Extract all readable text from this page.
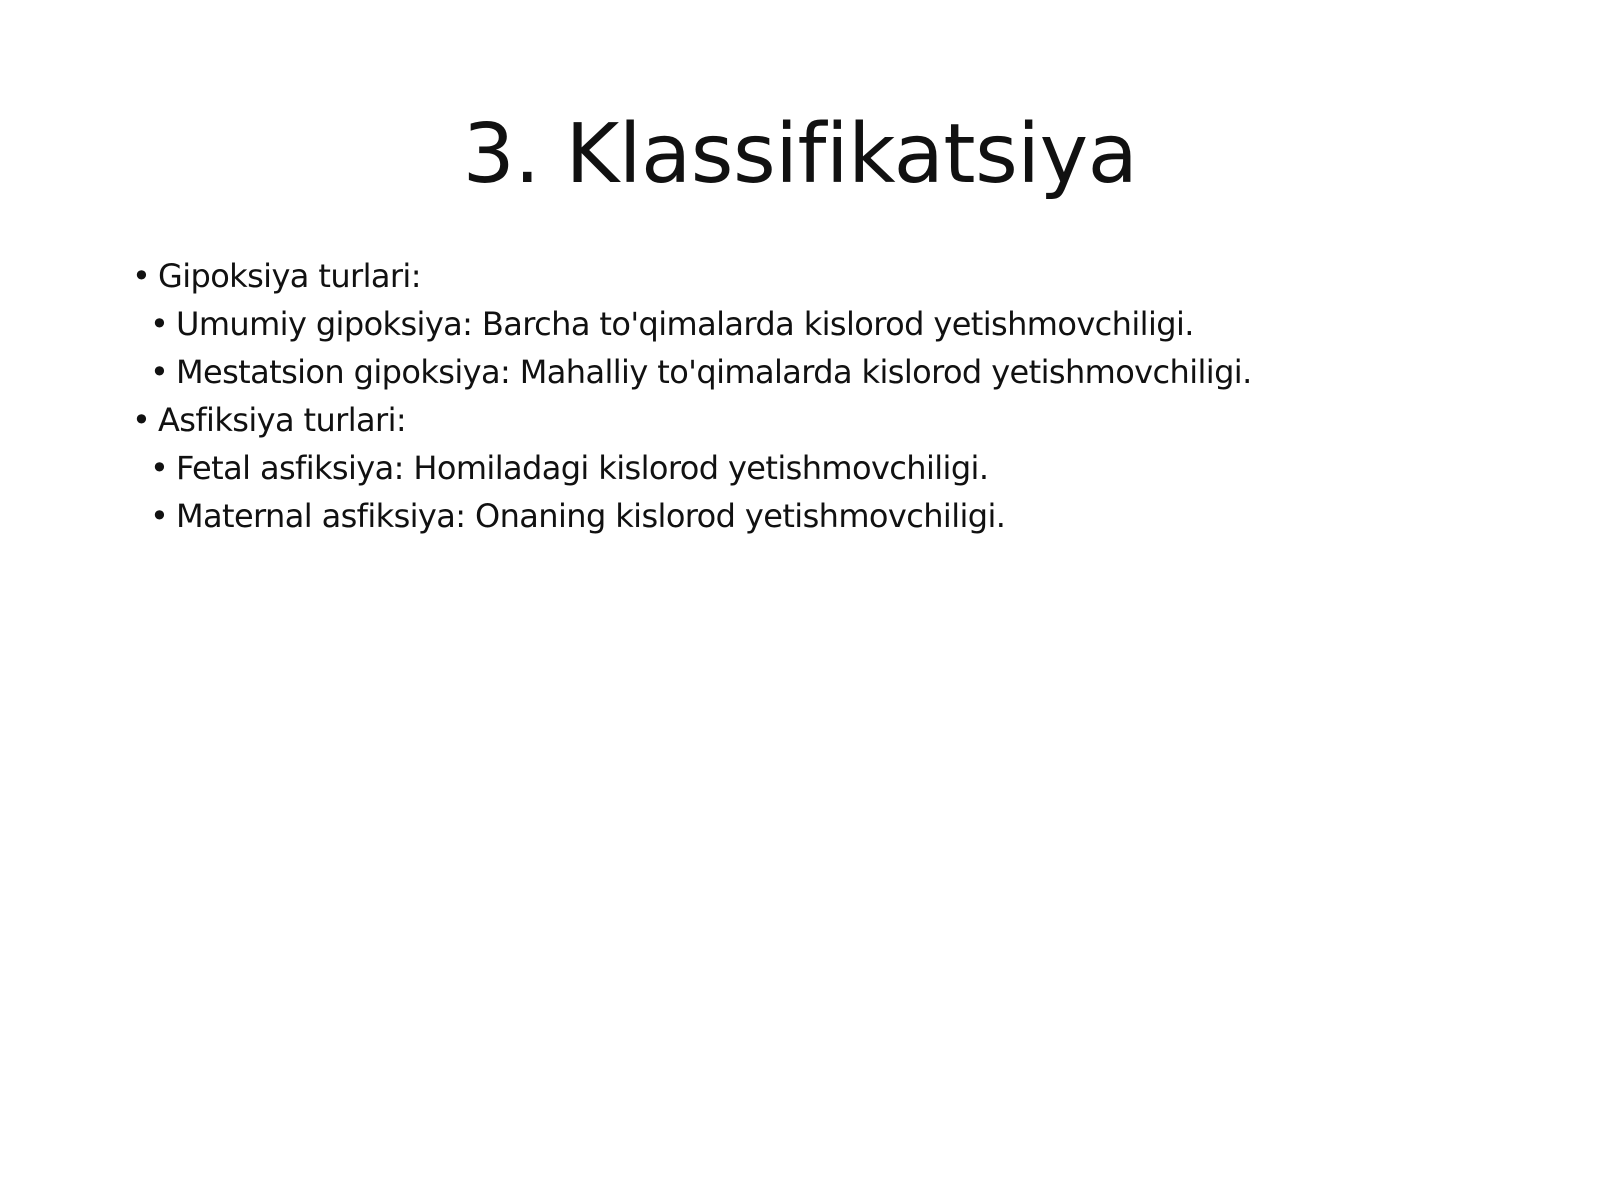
3. Klassifikatsiya
• Gipoksiya turlari:
• Umumiy gipoksiya: Barcha to'qimalarda kislorod yetishmovchiligi.
• Mestatsion gipoksiya: Mahalliy to'qimalarda kislorod yetishmovchiligi.
• Asfiksiya turlari:
• Fetal asfiksiya: Homiladagi kislorod yetishmovchiligi.
• Maternal asfiksiya: Onaning kislorod yetishmovchiligi.
